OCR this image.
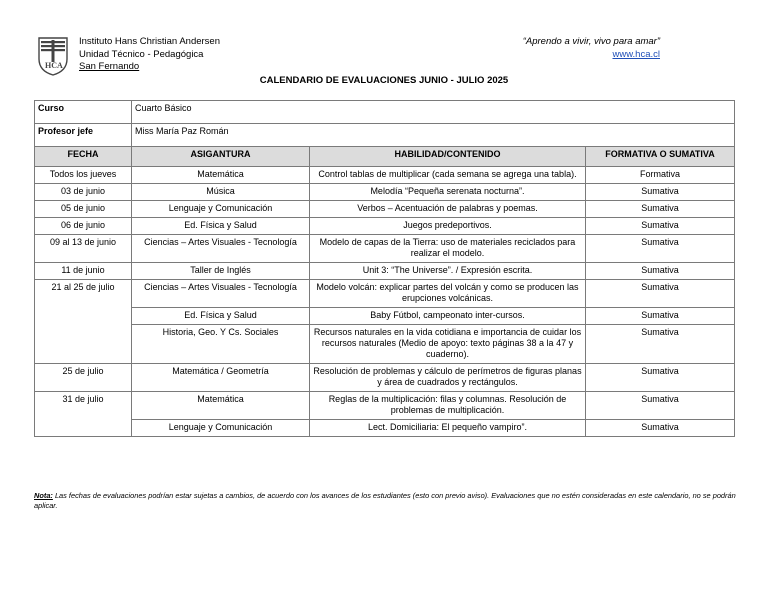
HCA
Instituto Hans Christian Andersen
Unidad Técnico - Pedagógica
San Fernando
“Aprendo a vivir, vivo para amar”
www.hca.cl
CALENDARIO DE EVALUACIONES JUNIO - JULIO 2025
Curso	Cuarto Básico		
Profesor jefe	Miss María Paz Román		
FECHA	ASIGANTURA	HABILIDAD/CONTENIDO	FORMATIVA O SUMATIVA
Todos los jueves	Matemática	Control tablas de multiplicar (cada semana se agrega una tabla).	Formativa
03 de junio	Música	Melodía “Pequeña serenata nocturna”.	Sumativa
05 de junio	Lenguaje y Comunicación	Verbos – Acentuación de palabras y poemas.	Sumativa
06 de junio	Ed. Física y Salud	Juegos predeportivos.	Sumativa
09 al 13 de junio	Ciencias – Artes Visuales - Tecnología	Modelo de capas de la Tierra: uso de materiales reciclados para realizar el modelo.	Sumativa
11 de junio	Taller de Inglés	Unit 3: “The Universe”. / Expresión escrita.	Sumativa
21 al 25 de julio	Ciencias – Artes Visuales - Tecnología	Modelo volcán: explicar partes del volcán y como se producen las erupciones volcánicas.	Sumativa
	Ed. Física y Salud	Baby Fútbol, campeonato inter-cursos.	Sumativa
	Historia, Geo. Y Cs. Sociales	Recursos naturales en la vida cotidiana e importancia de cuidar los recursos naturales (Medio de apoyo: texto páginas 38 a la 47 y cuaderno).	Sumativa
25 de julio	Matemática / Geometría	Resolución de problemas y cálculo de perímetros de figuras planas y área de cuadrados y rectángulos.	Sumativa
31 de julio	Matemática	Reglas de la multiplicación: filas y columnas. Resolución de problemas de multiplicación.	Sumativa
	Lenguaje y Comunicación	Lect. Domiciliaria: El pequeño vampiro”.	Sumativa
Nota: Las fechas de evaluaciones podrían estar sujetas a cambios, de acuerdo con los avances de los estudiantes (esto con previo aviso). Evaluaciones que no estén consideradas en este calendario, no se podrán aplicar.
